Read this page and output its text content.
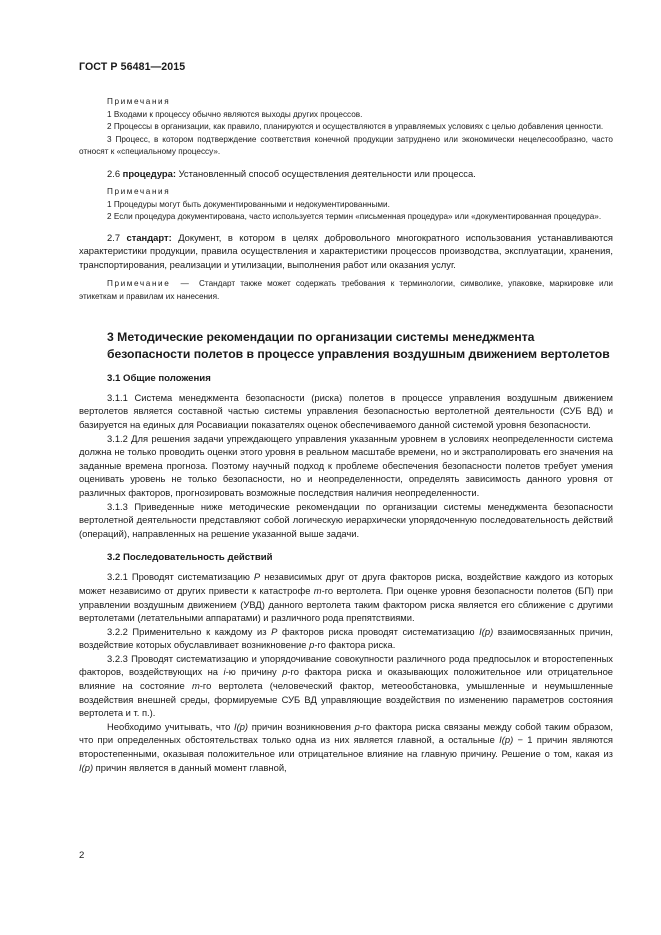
ГОСТ Р 56481—2015

Примечания

1 Входами к процессу обычно являются выходы других процессов.

2 Процессы в организации, как правило, планируются и осуществляются в управляемых условиях с целью добавления ценности.

3 Процесс, в котором подтверждение соответствия конечной продукции затруднено или экономически нецелесообразно, часто относят к «специальному процессу».

2.6 процедура: Установленный способ осуществления деятельности или процесса.

Примечания

1 Процедуры могут быть документированными и недокументированными.

2 Если процедура документирована, часто используется термин «письменная процедура» или «документированная процедура».

2.7 стандарт: Документ, в котором в целях добровольного многократного использования устанавливаются характеристики продукции, правила осуществления и характеристики процессов производства, эксплуатации, хранения, транспортирования, реализации и утилизации, выполнения работ или оказания услуг.

Примечание — Стандарт также может содержать требования к терминологии, символике, упаковке, маркировке или этикеткам и правилам их нанесения.

3 Методические рекомендации по организации системы менеджмента безопасности полетов в процессе управления воздушным движением вертолетов
3.1 Общие положения

3.1.1 Система менеджмента безопасности (риска) полетов в процессе управления воздушным движением вертолетов является составной частью системы управления безопасностью вертолетной деятельности (СУБ ВД) и базируется на единых для Росавиации показателях оценок обеспечиваемого данной системой уровня безопасности.

3.1.2 Для решения задачи упреждающего управления указанным уровнем в условиях неопределенности система должна не только проводить оценки этого уровня в реальном масштабе времени, но и экстраполировать его значения на заданные времена прогноза. Поэтому научный подход к проблеме обеспечения безопасности полетов требует умения оценивать уровень не только безопасности, но и неопределенности, определять зависимость данного уровня от различных факторов, прогнозировать возможные последствия наличия неопределенности.

3.1.3 Приведенные ниже методические рекомендации по организации системы менеджмента безопасности вертолетной деятельности представляют собой логическую иерархически упорядоченную последовательность действий (операций), направленных на решение указанной выше задачи.

3.2 Последовательность действий

3.2.1 Проводят систематизацию P независимых друг от друга факторов риска, воздействие каждого из которых может независимо от других привести к катастрофе m-го вертолета. При оценке уровня безопасности полетов (БП) при управлении воздушным движением (УВД) данного вертолета таким фактором риска является его сближение с другими вертолетами (летательными аппаратами) и различного рода препятствиями.

3.2.2 Применительно к каждому из P факторов риска проводят систематизацию I(p) взаимосвязанных причин, воздействие которых обуславливает возникновение p-го фактора риска.

3.2.3 Проводят систематизацию и упорядочивание совокупности различного рода предпосылок и второстепенных факторов, воздействующих на i-ю причину p-го фактора риска и оказывающих положительное или отрицательное влияние на состояние m-го вертолета (человеческий фактор, метеообстановка, умышленные и неумышленные воздействия внешней среды, формируемые СУБ ВД управляющие воздействия по изменению параметров состояния вертолета и т. п.).

Необходимо учитывать, что I(p) причин возникновения p-го фактора риска связаны между собой таким образом, что при определенных обстоятельствах только одна из них является главной, а остальные I(p) − 1 причин являются второстепенными, оказывая положительное или отрицательное влияние на главную причину. Решение о том, какая из I(p) причин является в данный момент главной,

2
